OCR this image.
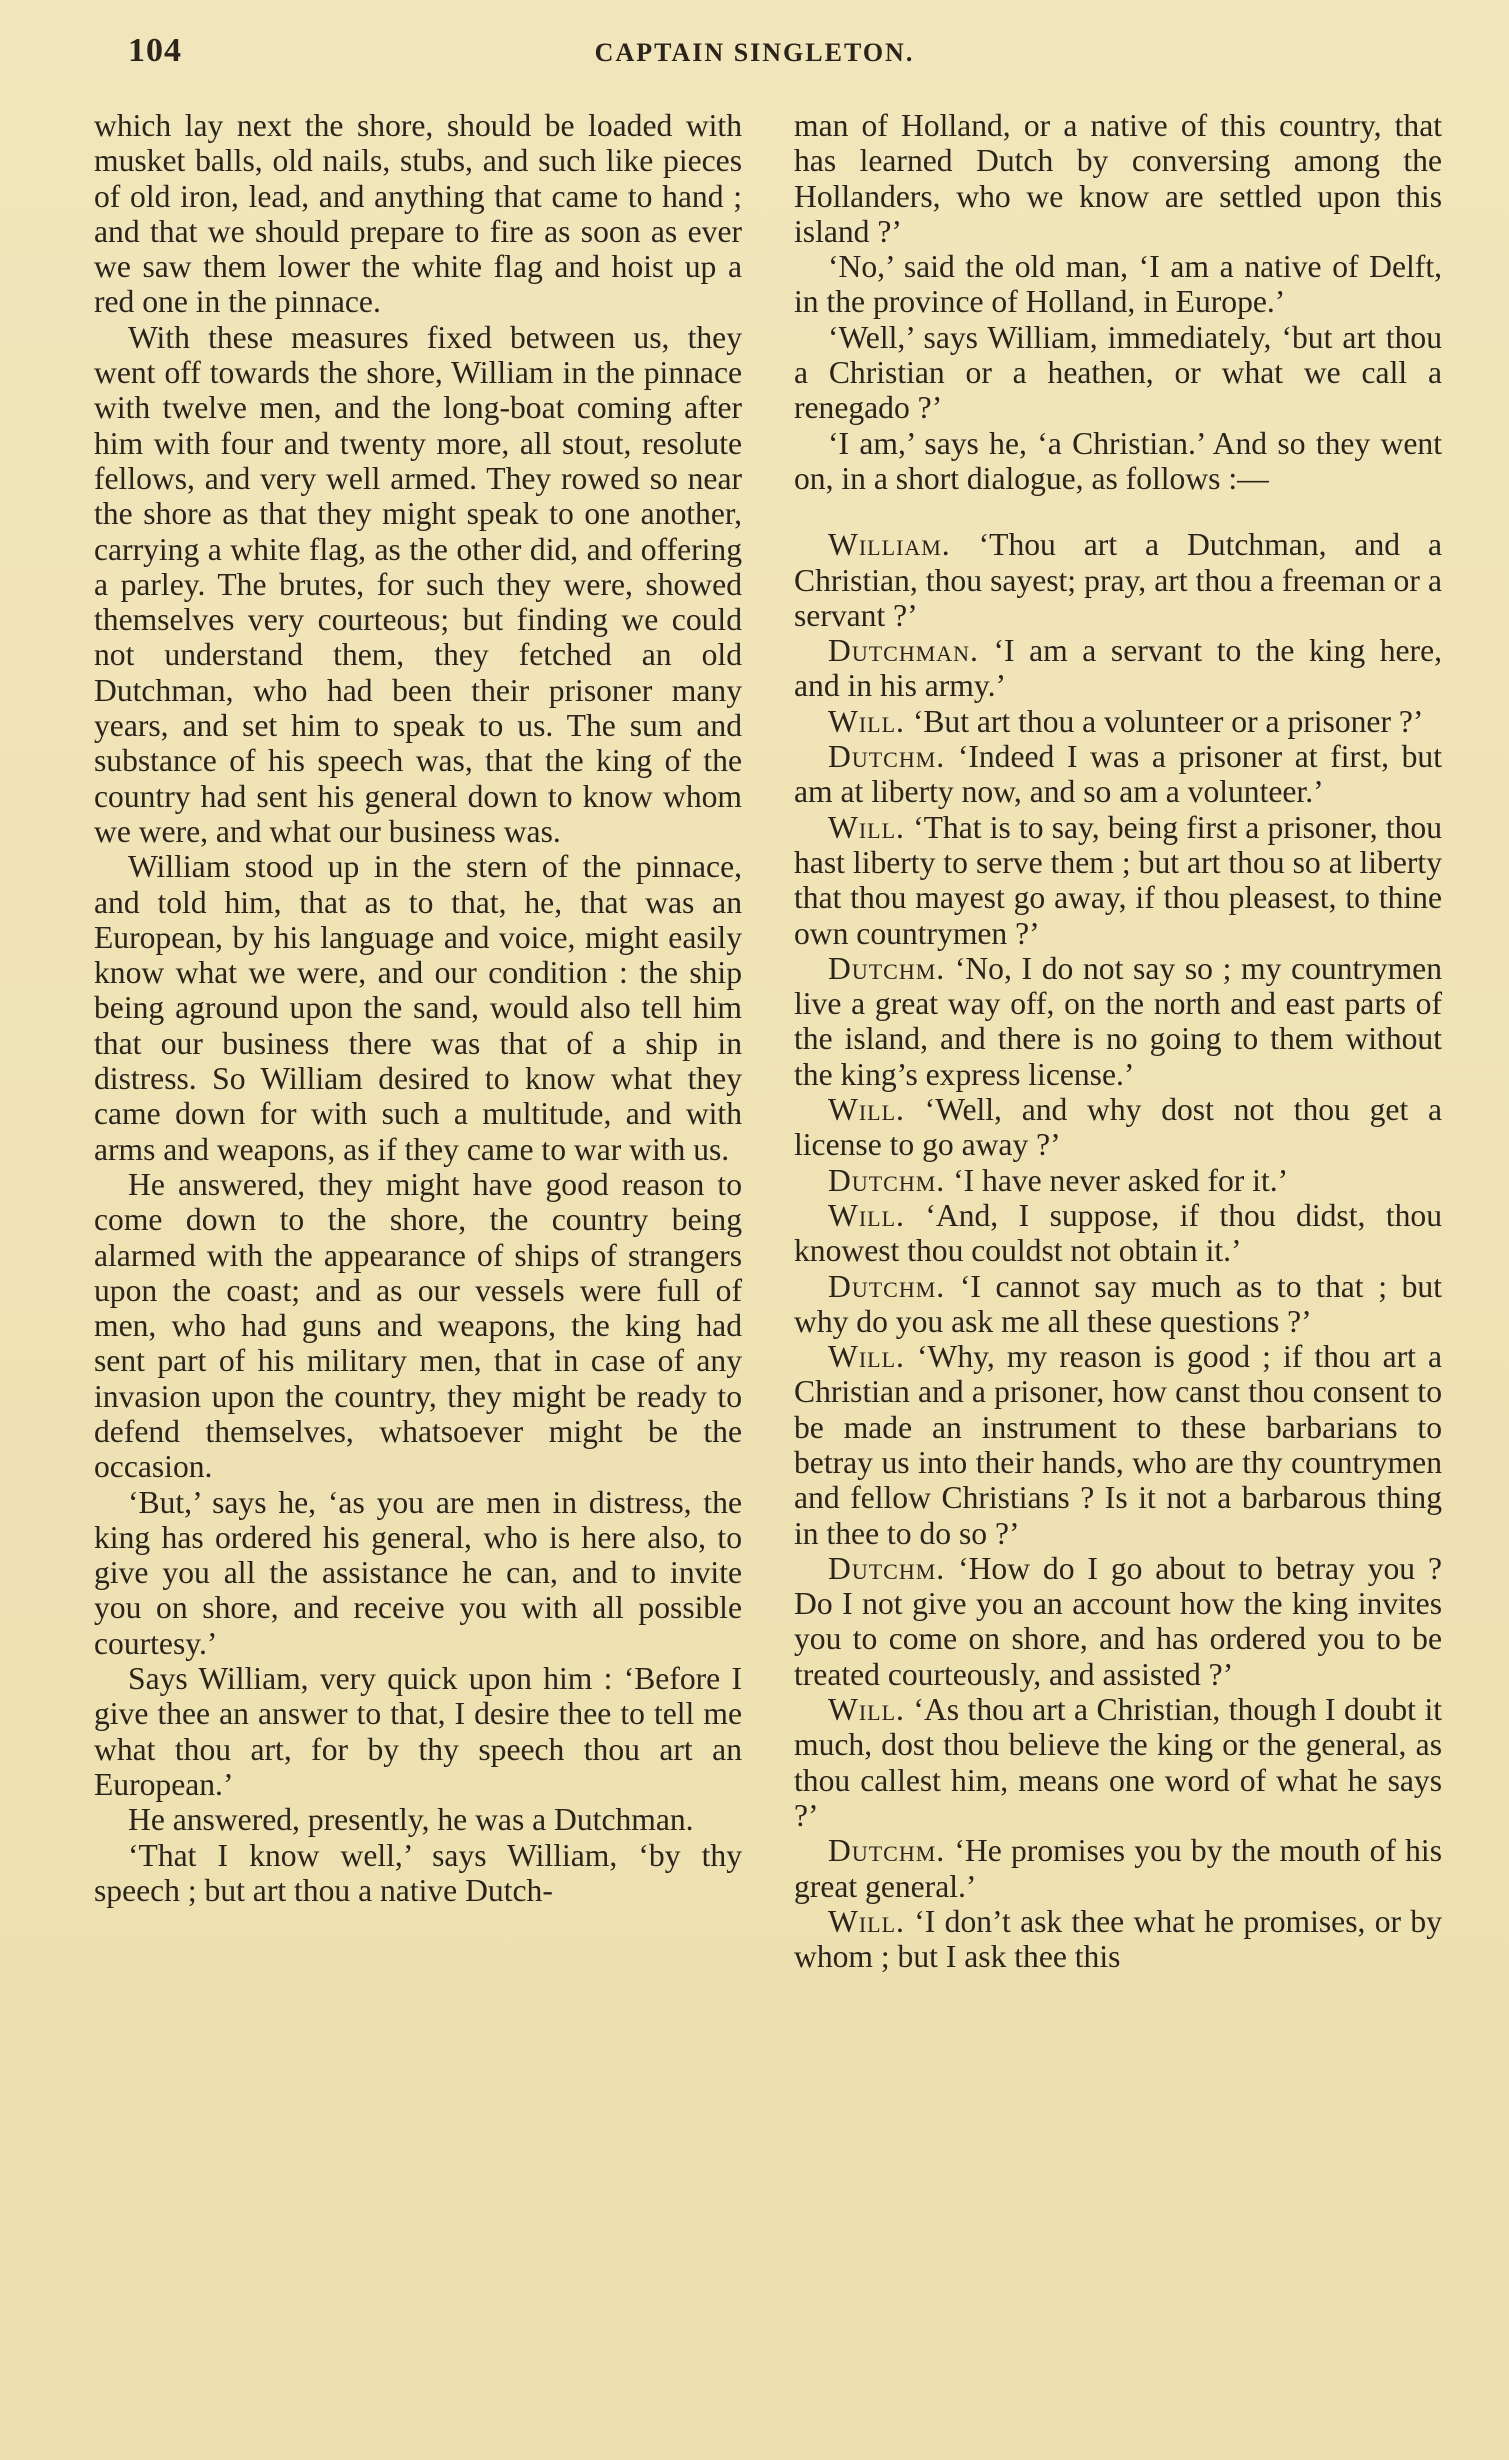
104	CAPTAIN SINGLETON.

which lay next the shore, should be loaded with musket balls, old nails, stubs, and such like pieces of old iron, lead, and anything that came to hand ; and that we should prepare to fire as soon as ever we saw them lower the white flag and hoist up a red one in the pinnace.

With these measures fixed between us, they went off towards the shore, William in the pinnace with twelve men, and the long-boat coming after him with four and twenty more, all stout, resolute fellows, and very well armed. They rowed so near the shore as that they might speak to one another, carrying a white flag, as the other did, and offering a parley. The brutes, for such they were, showed themselves very courteous; but finding we could not understand them, they fetched an old Dutchman, who had been their prisoner many years, and set him to speak to us. The sum and substance of his speech was, that the king of the country had sent his general down to know whom we were, and what our business was.

William stood up in the stern of the pinnace, and told him, that as to that, he, that was an European, by his language and voice, might easily know what we were, and our condition : the ship being aground upon the sand, would also tell him that our business there was that of a ship in distress. So William desired to know what they came down for with such a multitude, and with arms and weapons, as if they came to war with us.

He answered, they might have good reason to come down to the shore, the country being alarmed with the appearance of ships of strangers upon the coast; and as our vessels were full of men, who had guns and weapons, the king had sent part of his military men, that in case of any invasion upon the country, they might be ready to defend themselves, whatsoever might be the occasion.

‘But,’ says he, ‘as you are men in distress, the king has ordered his general, who is here also, to give you all the assistance he can, and to invite you on shore, and receive you with all possible courtesy.’

Says William, very quick upon him : ‘Before I give thee an answer to that, I desire thee to tell me what thou art, for by thy speech thou art an European.’

He answered, presently, he was a Dutchman.

‘That I know well,’ says William, ‘by thy speech ; but art thou a native Dutch-

man of Holland, or a native of this country, that has learned Dutch by conversing among the Hollanders, who we know are settled upon this island ?’

‘No,’ said the old man, ‘I am a native of Delft, in the province of Holland, in Europe.’

‘Well,’ says William, immediately, ‘but art thou a Christian or a heathen, or what we call a renegado ?’

‘I am,’ says he, ‘a Christian.’ And so they went on, in a short dialogue, as follows :—

William. ‘Thou art a Dutchman, and a Christian, thou sayest; pray, art thou a freeman or a servant ?’

Dutchman. ‘I am a servant to the king here, and in his army.’

Will. ‘But art thou a volunteer or a prisoner ?’

Dutchm. ‘Indeed I was a prisoner at first, but am at liberty now, and so am a volunteer.’

Will. ‘That is to say, being first a prisoner, thou hast liberty to serve them ; but art thou so at liberty that thou mayest go away, if thou pleasest, to thine own countrymen ?’

Dutchm. ‘No, I do not say so ; my countrymen live a great way off, on the north and east parts of the island, and there is no going to them without the king’s express license.’

Will. ‘Well, and why dost not thou get a license to go away ?’

Dutchm. ‘I have never asked for it.’

Will. ‘And, I suppose, if thou didst, thou knowest thou couldst not obtain it.’

Dutchm. ‘I cannot say much as to that ; but why do you ask me all these questions ?’

Will. ‘Why, my reason is good ; if thou art a Christian and a prisoner, how canst thou consent to be made an instrument to these barbarians to betray us into their hands, who are thy countrymen and fellow Christians ? Is it not a barbarous thing in thee to do so ?’

Dutchm. ‘How do I go about to betray you ? Do I not give you an account how the king invites you to come on shore, and has ordered you to be treated courteously, and assisted ?’

Will. ‘As thou art a Christian, though I doubt it much, dost thou believe the king or the general, as thou callest him, means one word of what he says ?’

Dutchm. ‘He promises you by the mouth of his great general.’

Will. ‘I don’t ask thee what he promises, or by whom ; but I ask thee this
